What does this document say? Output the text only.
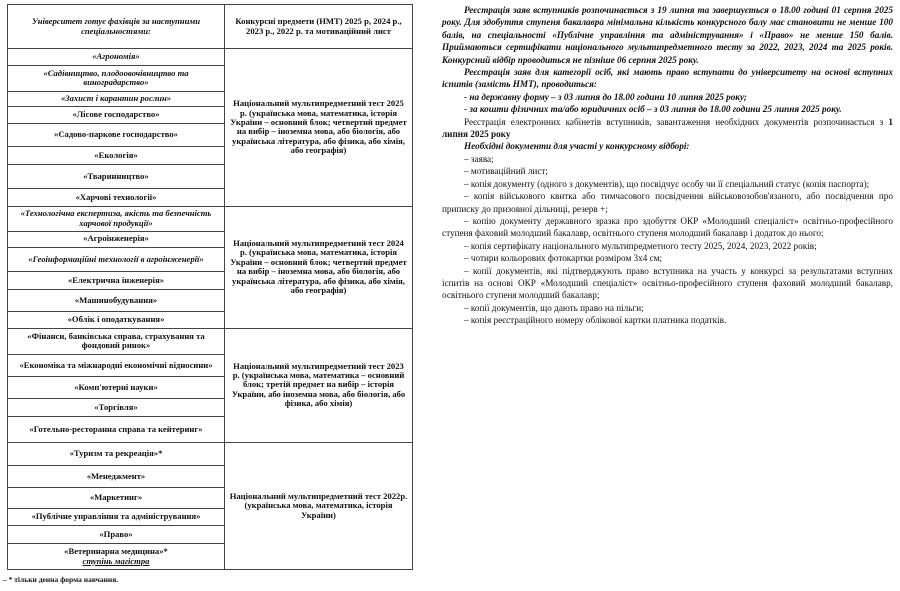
Університет готує фахівців за наступними спеціальностями:	Конкурсні предмети (НМТ) 2025 р, 2024 р., 2023 р., 2022 р. та мотиваційний лист
«Агрономія»	Національний мультипредметний тест 2025 р. (українська мова, математика, історія України – основний блок; четвертий предмет на вибір – іноземна мова, або біологія, або українська література, або фізика, або хімія, або географія)
«Садівництво, плодоовочівництво та виноградарство»	
«Захист і карантин рослин»	
«Лісове господарство»	
«Садово-паркове господарство»	
«Екологія»	
«Тваринництво»	
«Харчові технології»	
«Технологічна експертиза, якість та безпечність харчової продукції»	Національний мультипредметний тест 2024 р. (українська мова, математика, історія України – основний блок; четвертий предмет на вибір – іноземна мова, або біологія, або українська література, або фізика, або хімія, або географія)
«Агроінженерія»	
«Геоінформаційні технології в агроінженерії»	
«Електрична інженерія»	
«Машинобудування»	
«Облік і оподаткування»	
«Фінанси, банківська справа, страхування та фондовий ринок»	Національний мультипредметний тест 2023 р. (українська мова, математика – основний блок; третій предмет на вибір – історія України, або іноземна мова, або біологія, або фізика, або хімія)
«Економіка та міжнародні економічні відносини»	
«Комп'ютерні науки»	
«Торгівля»	
«Готельно-ресторанна справа та кейтеринг»	
«Туризм та рекреація»*	Національний мультипредметний тест 2022р. (українська мова, математика, історія України)
«Менеджмент»	
«Маркетинг»	
«Публічне управління та адміністрування»	
«Право»	
«Ветеринарна медицина»*
ступінь магістра	
– * тільки денна форма навчання.

Реєстрація заяв вступників розпочинається з 19 липня та завершується о 18.00 годині 01 серпня 2025 року. Для здобуття ступеня бакалавра мінімальна кількість конкурсного балу має становити не менше 100 балів, на спеціальності «Публічне управління та адміністрування» і «Право» не менше 150 балів. Приймаються сертифікати національного мультипредметного тесту за 2022, 2023, 2024 та 2025 років. Конкурсний відбір проводиться не пізніше 06 серпня 2025 року.

Реєстрація заяв для категорії осіб, які мають право вступати до університету на основі вступних іспитів (замість НМТ), проводиться:

- на державну форму – з 03 липня до 18.00 години 10 липня 2025 року;

- за кошти фізичних та/або юридичних осіб – з 03 липня до 18.00 години 25 липня 2025 року.

Реєстрація електронних кабінетів вступників, завантаження необхідних документів розпочинається з 1 липня 2025 року

Необхідні документи для участі у конкурсному відборі:

– заява;

– мотиваційний лист;

– копія документу (одного з документів), що посвідчує особу чи її спеціальний статус (копія паспорта);

– копія військового квитка або тимчасового посвідчення військовозобов'язаного, або посвідчення про приписку до призовної дільниці, резерв +;

– копію документу державного зразка про здобуття ОКР «Молодший спеціаліст» освітньо-професійного ступеня фаховий молодший бакалавр, освітнього ступеня молодший бакалавр і додаток до нього;

– копія сертифікату національного мультипредметного тесту 2025, 2024, 2023, 2022 років;

– чотири кольорових фотокартки розміром 3х4 см;

– копії документів, які підтверджують право вступника на участь у конкурсі за результатами вступних іспитів на основі ОКР «Молодший спеціаліст» освітньо-професійного ступеня фаховий молодший бакалавр, освітнього ступеня молодший бакалавр;

– копії документів, що дають право на пільги;

– копія реєстраційного номеру облікової картки платника податків.
